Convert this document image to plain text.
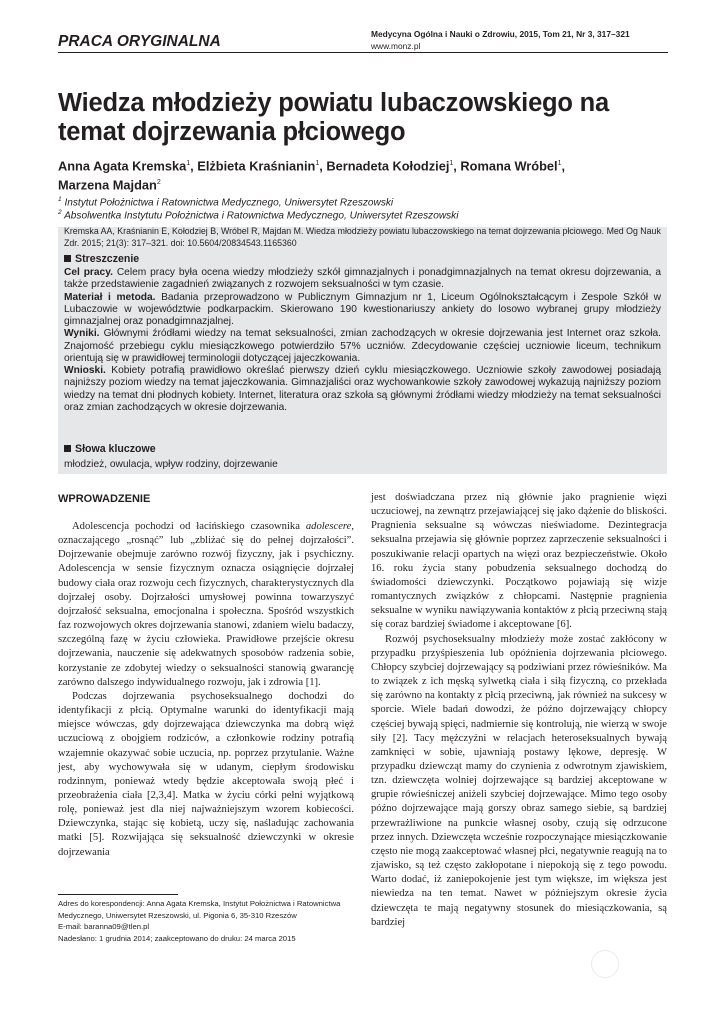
PRACA ORYGINALNA	Medycyna Ogólna i Nauki o Zdrowiu, 2015, Tom 21, Nr 3, 317–321
www.monz.pl
Wiedza młodzieży powiatu lubaczowskiego na temat dojrzewania płciowego
Anna Agata Kremska$^1$, Elżbieta Kraśnianin$^1$, Bernadeta Kołodziej$^1$, Romana Wróbel$^1$,
Marzena Majdan$^2$
$^1$ Instytut Położnictwa i Ratownictwa Medycznego, Uniwersytet Rzeszowski
$^2$ Absolwentka Instytutu Położnictwa i Ratownictwa Medycznego, Uniwersytet Rzeszowski
Kremska AA, Kraśnianin E, Kołodziej B, Wróbel R, Majdan M. Wiedza młodzieży powiatu lubaczowskiego na temat dojrzewania płciowego. Med Og Nauk Zdr. 2015; 21(3): 317–321. doi: 10.5604/20834543.1165360
Streszczenie
Cel pracy. Celem pracy była ocena wiedzy młodzieży szkół gimnazjalnych i ponadgimnazjalnych na temat okresu dojrzewania, a także przedstawienie zagadnień związanych z rozwojem seksualności w tym czasie.
Materiał i metoda. Badania przeprowadzono w Publicznym Gimnazjum nr 1, Liceum Ogólnokształcącym i Zespole Szkół w Lubaczowie w województwie podkarpackim. Skierowano 190 kwestionariuszy ankiety do losowo wybranej grupy młodzieży gimnazjalnej oraz ponadgimnazjalnej.
Wyniki. Głównymi źródłami wiedzy na temat seksualności, zmian zachodzących w okresie dojrzewania jest Internet oraz szkoła. Znajomość przebiegu cyklu miesiączkowego potwierdziło 57% uczniów. Zdecydowanie częściej uczniowie liceum, technikum orientują się w prawidłowej terminologii dotyczącej jajeczkowania.
Wnioski. Kobiety potrafią prawidłowo określać pierwszy dzień cyklu miesiączkowego. Uczniowie szkoły zawodowej posiadają najniższy poziom wiedzy na temat jajeczkowania. Gimnazjaliści oraz wychowankowie szkoły zawodowej wykazują najniższy poziom wiedzy na temat dni płodnych kobiety. Internet, literatura oraz szkoła są głównymi źródłami wiedzy młodzieży na temat seksualności oraz zmian zachodzących w okresie dojrzewania.
Słowa kluczowe
młodzież, owulacja, wpływ rodziny, dojrzewanie
WPROWADZENIE

Adolescencja pochodzi od łacińskiego czasownika adolescere, oznaczającego „rosnąć” lub „zbliżać się do pełnej dojrzałości”. Dojrzewanie obejmuje zarówno rozwój fizyczny, jak i psychiczny. Adolescencja w sensie fizycznym oznacza osiągnięcie dojrzałej budowy ciała oraz rozwoju cech fizycznych, charakterystycznych dla dojrzałej osoby. Dojrzałości umysłowej powinna towarzyszyć dojrzałość seksualna, emocjonalna i społeczna. Spośród wszystkich faz rozwojowych okres dojrzewania stanowi, zdaniem wielu badaczy, szczególną fazę w życiu człowieka. Prawidłowe przejście okresu dojrzewania, nauczenie się adekwatnych sposobów radzenia sobie, korzystanie ze zdobytej wiedzy o seksualności stanowią gwarancję zarówno dalszego indywidualnego rozwoju, jak i zdrowia [1].

Podczas dojrzewania psychoseksualnego dochodzi do identyfikacji z płcią. Optymalne warunki do identyfikacji mają miejsce wówczas, gdy dojrzewająca dziewczynka ma dobrą więź uczuciową z obojgiem rodziców, a członkowie rodziny potrafią wzajemnie okazywać sobie uczucia, np. poprzez przytulanie. Ważne jest, aby wychowywała się w udanym, ciepłym środowisku rodzinnym, ponieważ wtedy będzie akceptowała swoją płeć i przeobrażenia ciała [2,3,4]. Matka w życiu córki pełni wyjątkową rolę, ponieważ jest dla niej najważniejszym wzorem kobiecości. Dziewczynka, stając się kobietą, uczy się, naśladując zachowania matki [5]. Rozwijająca się seksualność dziewczynki w okresie dojrzewania

jest doświadczana przez nią głównie jako pragnienie więzi uczuciowej, na zewnątrz przejawiającej się jako dążenie do bliskości. Pragnienia seksualne są wówczas nieświadome. Dezintegracja seksualna przejawia się głównie poprzez zaprzeczenie seksualności i poszukiwanie relacji opartych na więzi oraz bezpieczeństwie. Około 16. roku życia stany pobudzenia seksualnego dochodzą do świadomości dziewczynki. Początkowo pojawiają się wizje romantycznych związków z chłopcami. Następnie pragnienia seksualne w wyniku nawiązywania kontaktów z płcią przeciwną stają się coraz bardziej świadome i akceptowane [6].

Rozwój psychoseksualny młodzieży może zostać zakłócony w przypadku przyśpieszenia lub opóźnienia dojrzewania płciowego. Chłopcy szybciej dojrzewający są podziwiani przez rówieśników. Ma to związek z ich męską sylwetką ciała i siłą fizyczną, co przekłada się zarówno na kontakty z płcią przeciwną, jak również na sukcesy w sporcie. Wiele badań dowodzi, że późno dojrzewający chłopcy częściej bywają spięci, nadmiernie się kontrolują, nie wierzą w swoje siły [2]. Tacy mężczyźni w relacjach heteroseksualnych bywają zamknięci w sobie, ujawniają postawy lękowe, depresję. W przypadku dziewcząt mamy do czynienia z odwrotnym zjawiskiem, tzn. dziewczęta wolniej dojrzewające są bardziej akceptowane w grupie rówieśniczej aniżeli szybciej dojrzewające. Mimo tego osoby późno dojrzewające mają gorszy obraz samego siebie, są bardziej przewrażliwione na punkcie własnej osoby, czują się odrzucone przez innych. Dziewczęta wcześnie rozpoczynające miesiączkowanie często nie mogą zaakceptować własnej płci, negatywnie reagują na to zjawisko, są też często zakłopotane i niepokoją się z tego powodu. Warto dodać, iż zaniepokojenie jest tym większe, im większa jest niewiedza na ten temat. Nawet w późniejszym okresie życia dziewczęta te mają negatywny stosunek do miesiączkowania, są bardziej

Adres do korespondencji: Anna Agata Kremska, Instytut Położnictwa i Ratownictwa Medycznego, Uniwersytet Rzeszowski, ul. Pigonia 6, 35-310 Rzeszów
E-mail: baranna09@tlen.pl
Nadesłano: 1 grudnia 2014; zaakceptowano do druku: 24 marca 2015
